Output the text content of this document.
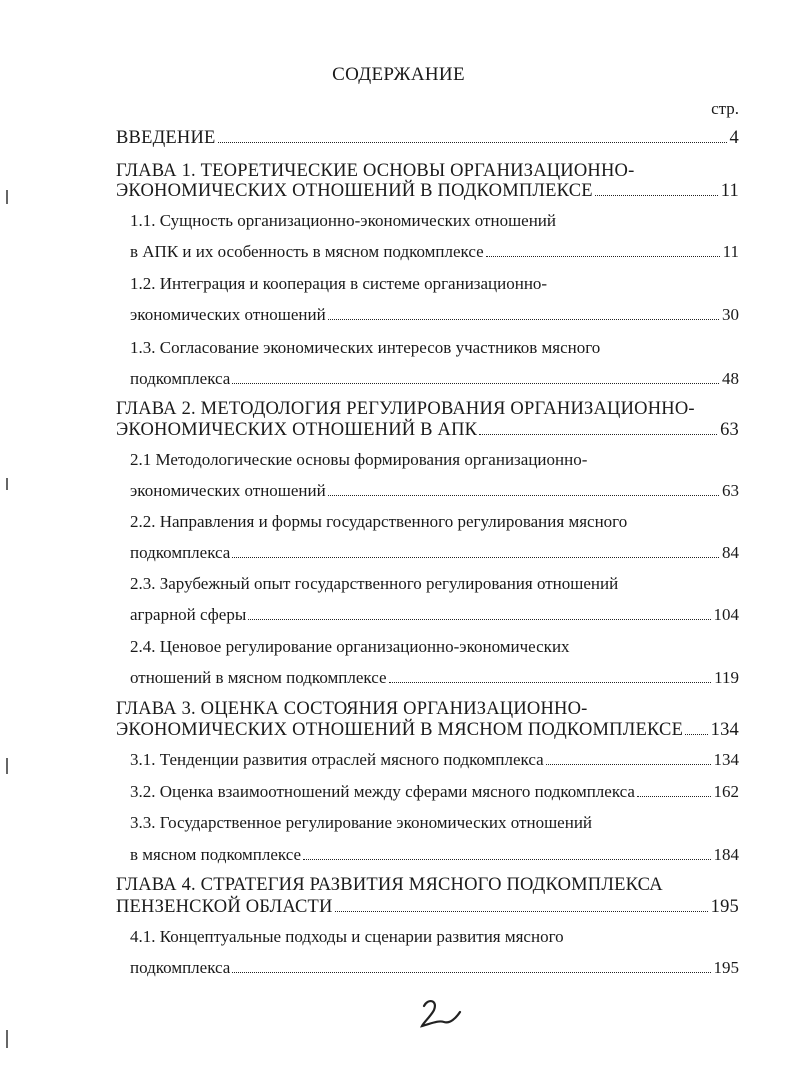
СОДЕРЖАНИЕ
стр.
ВВЕДЕНИЕ	4
ГЛАВА 1. ТЕОРЕТИЧЕСКИЕ ОСНОВЫ ОРГАНИЗАЦИОННО-
ЭКОНОМИЧЕСКИХ ОТНОШЕНИЙ В ПОДКОМПЛЕКСЕ	11
1.1. Сущность организационно-экономических отношений
в АПК и их особенность в мясном подкомплексе	11
1.2. Интеграция и кооперация в системе организационно-
экономических отношений	30
1.3. Согласование экономических интересов участников мясного
подкомплекса	48
ГЛАВА 2. МЕТОДОЛОГИЯ РЕГУЛИРОВАНИЯ ОРГАНИЗАЦИОННО-
ЭКОНОМИЧЕСКИХ ОТНОШЕНИЙ В АПК	63
2.1 Методологические основы формирования организационно-
экономических отношений	63
2.2. Направления и формы государственного регулирования мясного
подкомплекса	84
2.3. Зарубежный опыт государственного регулирования отношений
аграрной сферы	104
2.4. Ценовое регулирование организационно-экономических
отношений в мясном подкомплексе	119
ГЛАВА 3. ОЦЕНКА СОСТОЯНИЯ ОРГАНИЗАЦИОННО-
ЭКОНОМИЧЕСКИХ ОТНОШЕНИЙ В МЯСНОМ ПОДКОМПЛЕКСЕ 134
3.1. Тенденции развития отраслей мясного подкомплекса	134
3.2. Оценка взаимоотношений между сферами мясного подкомплекса	162
3.3. Государственное регулирование экономических отношений
в мясном подкомплексе	184
ГЛАВА 4. СТРАТЕГИЯ РАЗВИТИЯ МЯСНОГО ПОДКОМПЛЕКСА
ПЕНЗЕНСКОЙ ОБЛАСТИ	195
4.1. Концептуальные подходы и сценарии развития мясного
подкомплекса	195
